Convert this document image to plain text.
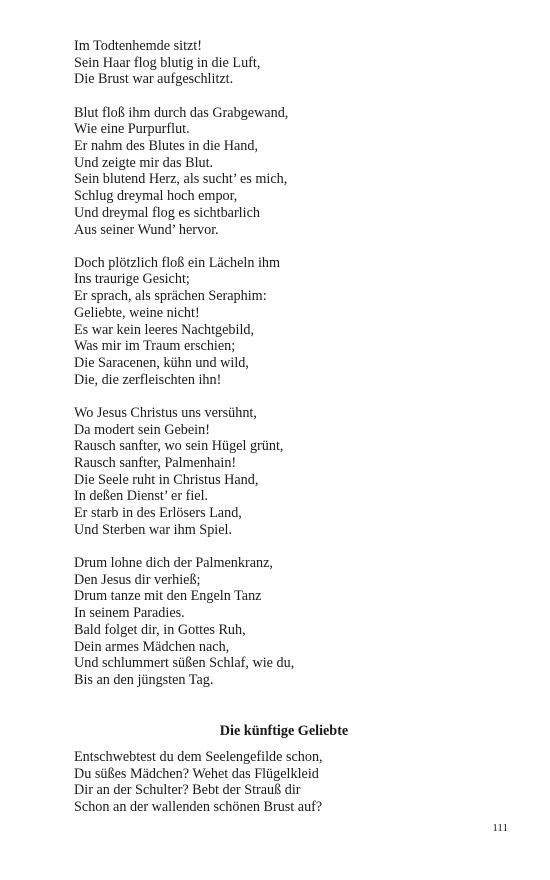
Im Todtenhemde sitzt!
Sein Haar flog blutig in die Luft,
Die Brust war aufgeschlitzt.
Blut floß ihm durch das Grabgewand,
Wie eine Purpurflut.
Er nahm des Blutes in die Hand,
Und zeigte mir das Blut.
Sein blutend Herz, als sucht’ es mich,
Schlug dreymal hoch empor,
Und dreymal flog es sichtbarlich
Aus seiner Wund’ hervor.
Doch plötzlich floß ein Lächeln ihm
Ins traurige Gesicht;
Er sprach, als sprächen Seraphim:
Geliebte, weine nicht!
Es war kein leeres Nachtgebild,
Was mir im Traum erschien;
Die Saracenen, kühn und wild,
Die, die zerfleischten ihn!
Wo Jesus Christus uns versühnt,
Da modert sein Gebein!
Rausch sanfter, wo sein Hügel grünt,
Rausch sanfter, Palmenhain!
Die Seele ruht in Christus Hand,
In deßen Dienst’ er fiel.
Er starb in des Erlösers Land,
Und Sterben war ihm Spiel.
Drum lohne dich der Palmenkranz,
Den Jesus dir verhieß;
Drum tanze mit den Engeln Tanz
In seinem Paradies.
Bald folget dir, in Gottes Ruh,
Dein armes Mädchen nach,
Und schlummert süßen Schlaf, wie du,
Bis an den jüngsten Tag.
Die künftige Geliebte
Entschwebtest du dem Seelengefilde schon,
Du süßes Mädchen? Wehet das Flügelkleid
Dir an der Schulter? Bebt der Strauß dir
Schon an der wallenden schönen Brust auf?
111
